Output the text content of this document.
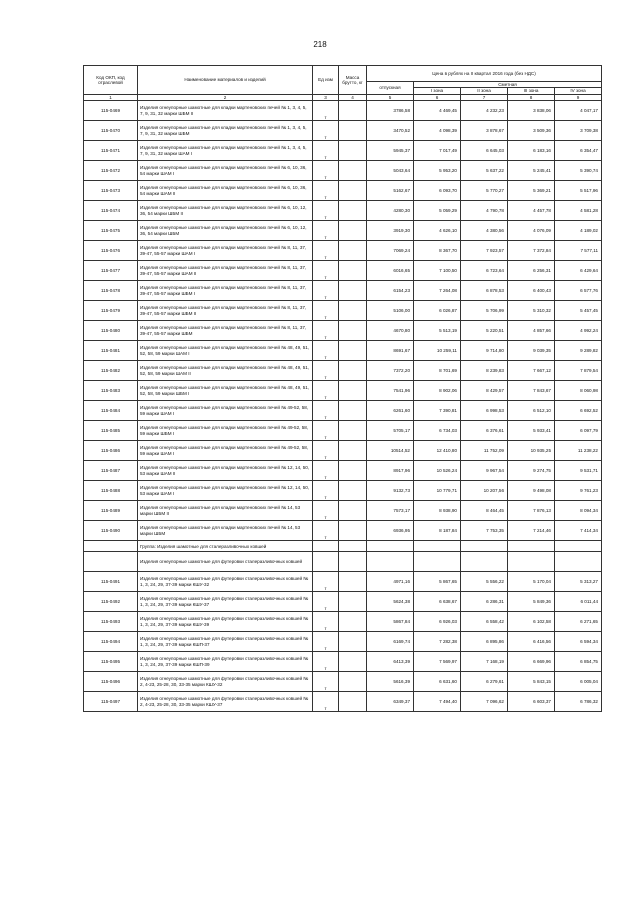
218
Код ОКП, код отраслевой	Наименование материалов и изделий	Ед изм	Масса брутто, кг	Цена в рублях на II квартал 2016 года (без НДС)				
				отпускная	Сметная			
					I зона	II зона	III зона	IV зона
1	2	3	4	5	6	7	8	9
115-0469	Изделия огнеупорные шамотные для кладки мартеновских печей № 1, 3, 4, 5, 7, 9, 31, 32 марки ШБМ II	т		3786,58	4 469,45	4 232,23	3 838,06	4 047,17
115-0470	Изделия огнеупорные шамотные для кладки мартеновских печей № 1, 3, 4, 5, 7, 9, 31, 32 марки ШБМ	т		3470,52	4 098,39	3 878,67	3 509,36	3 709,38
115-0471	Изделия огнеупорные шамотные для кладки мартеновских печей № 1, 3, 4, 5, 7, 9, 31, 32 марки ШАМ I	т		5945,37	7 017,49	6 645,03	6 183,16	6 354,47
115-0472	Изделия огнеупорные шамотные для кладки мартеновских печей № 6, 10, 36, 54 марки ШАМ I	т		5043,64	5 953,20	5 637,22	5 245,41	5 390,74
115-0473	Изделия огнеупорные шамотные для кладки мартеновских печей № 6, 10, 36, 54 марки ШАМ II	т		5162,67	6 093,70	5 770,27	5 369,21	5 517,96
115-0474	Изделия огнеупорные шамотные для кладки мартеновских печей № 6, 10, 12, 36, 54 марки ШБМ II	т		4280,30	5 059,29	4 790,78	4 457,78	4 581,28
115-0475	Изделия огнеупорные шамотные для кладки мартеновских печей № 6, 10, 12, 36, 54 марки ШБМ	т		3919,30	4 626,10	4 380,56	4 076,09	4 189,02
115-0476	Изделия огнеупорные шамотные для кладки мартеновских печей № 8, 11, 37, 39-47, 55-57 марки ШАМ I	т		7069,24	8 367,70	7 923,57	7 372,84	7 577,11
115-0477	Изделия огнеупорные шамотные для кладки мартеновских печей № 8, 11, 37, 39-47, 55-57 марки ШАМ II	т		6016,65	7 100,50	6 723,64	6 256,31	6 429,64
115-0478	Изделия огнеупорные шамотные для кладки мартеновских печей № 8, 11, 37, 39-47, 55-57 марки ШБМ I	т		6154,23	7 264,08	6 878,53	6 400,43	6 577,76
115-0479	Изделия огнеупорные шамотные для кладки мартеновских печей № 8, 11, 37, 39-47, 55-57 марки ШБМ II	т		5106,00	6 026,87	5 706,99	5 310,32	5 457,45
115-0480	Изделия огнеупорные шамотные для кладки мартеновских печей № 8, 11, 37, 39-47, 55-57 марки ШБМ	т		4670,80	5 513,19	5 220,51	4 857,66	4 992,24
115-0481	Изделия огнеупорные шамотные для кладки мартеновских печей № 48, 49, 51, 52, 58, 59 марки ШАМ I	т		8691,67	10 259,11	9 714,80	9 039,35	9 289,82
115-0482	Изделия огнеупорные шамотные для кладки мартеновских печей № 48, 49, 51, 52, 58, 59 марки ШАМ II	т		7372,20	8 701,69	8 239,83	7 667,12	7 879,54
115-0483	Изделия огнеупорные шамотные для кладки мартеновских печей № 48, 49, 51, 52, 58, 59 марки ШБМ I	т		7541,96	8 902,06	8 429,57	7 843,67	8 060,98
115-0484	Изделия огнеупорные шамотные для кладки мартеновских печей № 49-52, 58, 59 марки ШАМ I	т		6261,60	7 390,81	6 998,53	6 512,10	6 692,52
115-0485	Изделия огнеупорные шамотные для кладки мартеновских печей № 49-52, 58, 59 марки ШБМ I	т		5705,17	6 734,03	6 376,61	5 933,41	6 097,79
115-0486	Изделия огнеупорные шамотные для кладки мартеновских печей № 49-52, 58, 59 марки ШАМ I	т		10514,52	12 410,80	11 752,09	10 935,25	11 238,22
115-0487	Изделия огнеупорные шамотные для кладки мартеновских печей № 12, 14, 50, 53 марки ШАМ II	т		8917,96	10 526,24	9 967,54	9 274,75	9 531,71
115-0488	Изделия огнеупорные шамотные для кладки мартеновских печей № 12, 14, 50, 53 марки ШАМ I	т		9132,73	10 779,71	10 207,56	9 498,08	9 761,23
115-0489	Изделия огнеупорные шамотные для кладки мартеновских печей № 14, 53 марки ШБМ II	т		7573,17	8 938,90	8 464,45	7 876,13	8 094,34
115-0490	Изделия огнеупорные шамотные для кладки мартеновских печей № 14, 53 марки ШБМ	т		6936,95	8 187,84	7 753,35	7 214,46	7 414,34
	Группа: Изделия шамотные для сталеразливочных ковшей							
	Изделия огнеупорные шамотные для футеровки сталеразливочных ковшей							
115-0491	Изделия огнеупорные шамотные для футеровки сталеразливочных ковшей № 1, 3, 24, 29, 37-39 марки КШУ-32	т		4971,16	5 867,65	5 556,22	5 170,04	5 313,27
115-0492	Изделия огнеупорные шамотные для футеровки сталеразливочных ковшей № 1, 3, 24, 29, 37-39 марки КШУ-37	т		5624,38	6 638,67	6 286,31	5 849,36	6 011,44
115-0493	Изделия огнеупорные шамотные для футеровки сталеразливочных ковшей № 1, 3, 24, 29, 37-39 марки КШУ-39	т		5867,84	6 926,03	6 558,42	6 102,58	6 271,65
115-0494	Изделия огнеупорные шамотные для футеровки сталеразливочных ковшей № 1, 3, 24, 29, 37-39 марки КШП-37	т		6169,74	7 282,38	6 895,86	6 416,56	6 594,34
115-0495	Изделия огнеупорные шамотные для футеровки сталеразливочных ковшей № 1, 3, 24, 29, 37-39 марки КШП-39	т		6413,39	7 569,97	7 168,19	6 669,96	6 854,75
115-0496	Изделия огнеупорные шамотные для футеровки сталеразливочных ковшей № 2, 4-23, 25-28, 30, 33-35 марки КШУ-32	т		5616,39	6 631,60	6 279,61	5 843,15	6 005,04
115-0497	Изделия огнеупорные шамотные для футеровки сталеразливочных ковшей № 2, 4-23, 25-28, 30, 33-35 марки КШУ-37	т		6349,37	7 494,40	7 096,62	6 603,37	6 786,32
